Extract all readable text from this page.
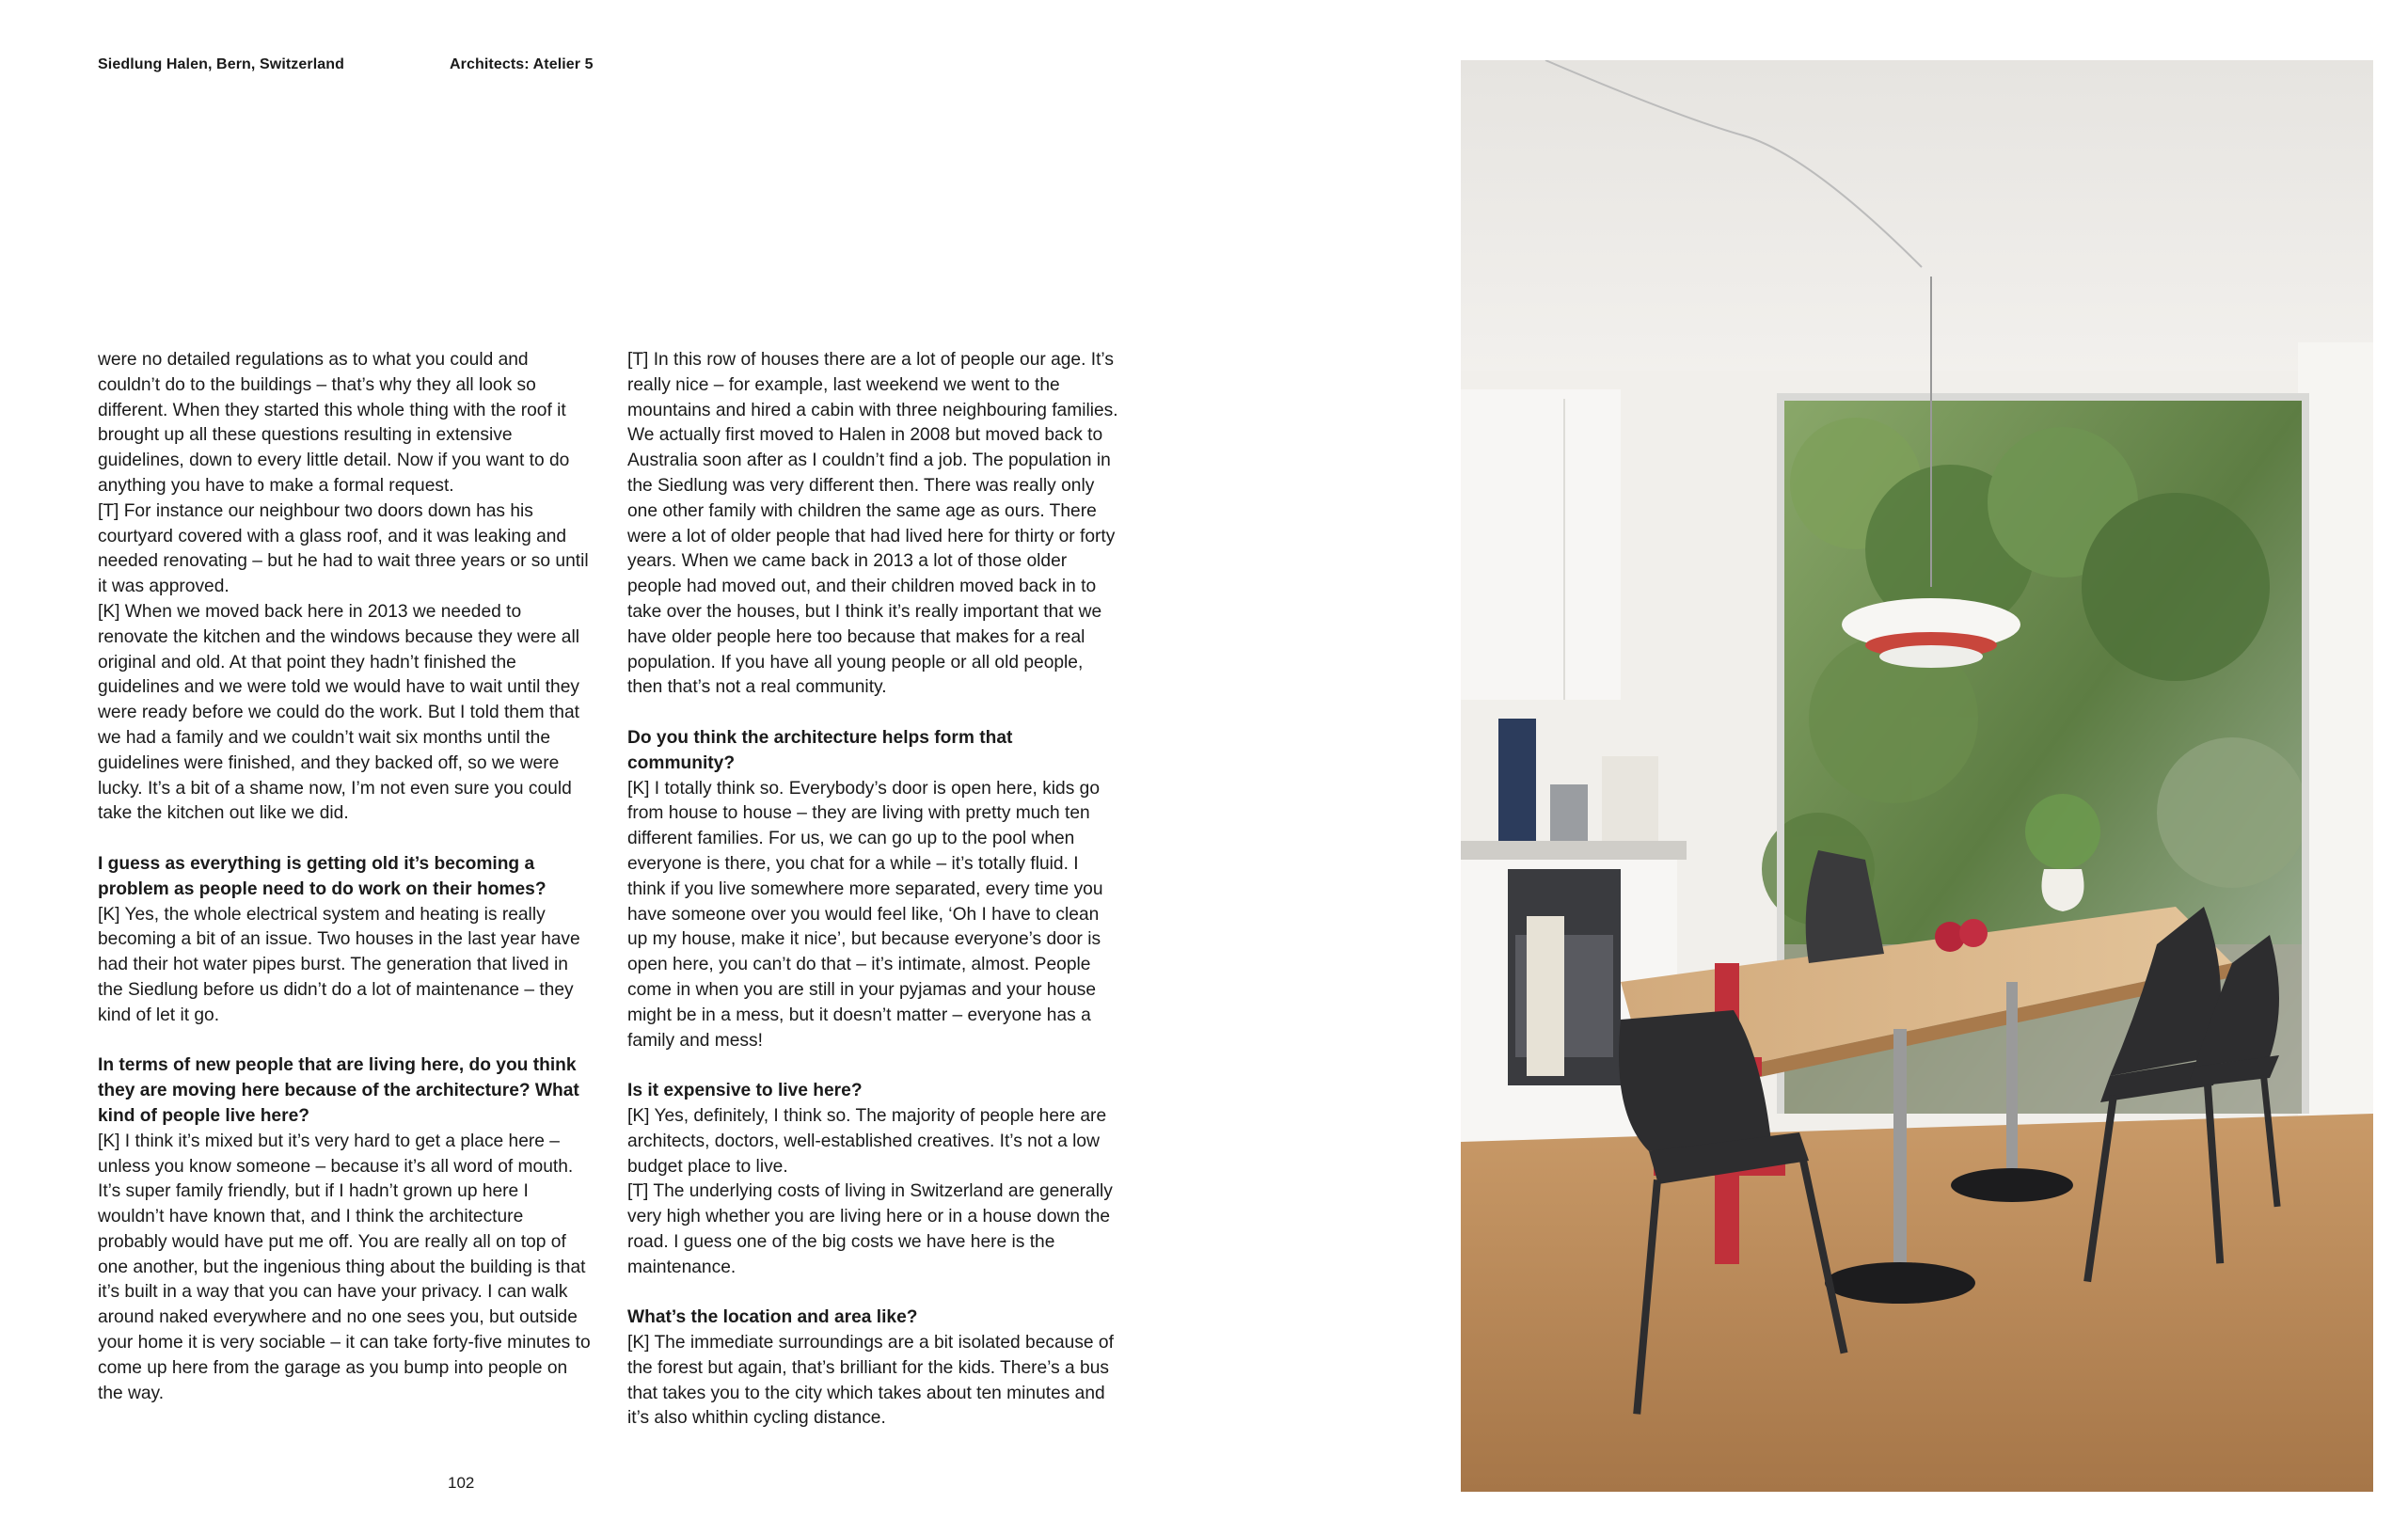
Siedlung Halen, Bern, Switzerland	Architects: Atelier 5

were no detailed regulations as to what you could and couldn’t do to the buildings – that’s why they all look so different. When they started this whole thing with the roof it brought up all these questions resulting in extensive guidelines, down to every little detail. Now if you want to do anything you have to make a formal request.

[T] For instance our neighbour two doors down has his courtyard covered with a glass roof, and it was leaking and needed renovating – but he had to wait three years or so until it was approved.

[K] When we moved back here in 2013 we needed to renovate the kitchen and the windows because they were all original and old. At that point they hadn’t finished the guidelines and we were told we would have to wait until they were ready before we could do the work. But I told them that we had a family and we couldn’t wait six months until the guidelines were finished, and they backed off, so we were lucky. It’s a bit of a shame now, I’m not even sure you could take the kitchen out like we did.

I guess as everything is getting old it’s becoming a problem as people need to do work on their homes?

[K] Yes, the whole electrical system and heating is really becoming a bit of an issue. Two houses in the last year have had their hot water pipes burst. The generation that lived in the Siedlung before us didn’t do a lot of maintenance – they kind of let it go.

In terms of new people that are living here, do you think they are moving here because of the architecture? What kind of people live here?

[K] I think it’s mixed but it’s very hard to get a place here – unless you know someone – because it’s all word of mouth. It’s super family friendly, but if I hadn’t grown up here I wouldn’t have known that, and I think the architecture probably would have put me off. You are really all on top of one another, but the ingenious thing about the building is that it’s built in a way that you can have your privacy. I can walk around naked everywhere and no one sees you, but outside your home it is very sociable – it can take forty-five minutes to come up here from the garage as you bump into people on the way.

[T] In this row of houses there are a lot of people our age. It’s really nice – for example, last weekend we went to the mountains and hired a cabin with three neighbouring families. We actually first moved to Halen in 2008 but moved back to Australia soon after as I couldn’t find a job. The population in the Siedlung was very different then. There was really only one other family with children the same age as ours. There were a lot of older people that had lived here for thirty or forty years. When we came back in 2013 a lot of those older people had moved out, and their children moved back in to take over the houses, but I think it’s really important that we have older people here too because that makes for a real population. If you have all young people or all old people, then that’s not a real community.

Do you think the architecture helps form that community?

[K] I totally think so. Everybody’s door is open here, kids go from house to house – they are living with pretty much ten different families. For us, we can go up to the pool when everyone is there, you chat for a while – it’s totally fluid. I think if you live somewhere more separated, every time you have someone over you would feel like, ‘Oh I have to clean up my house, make it nice’, but because everyone’s door is open here, you can’t do that – it’s intimate, almost. People come in when you are still in your pyjamas and your house might be in a mess, but it doesn’t matter – everyone has a family and mess!

Is it expensive to live here?

[K] Yes, definitely, I think so. The majority of people here are architects, doctors, well-established creatives. It’s not a low budget place to live.

[T] The underlying costs of living in Switzerland are generally very high whether you are living here or in a house down the road. I guess one of the big costs we have here is the maintenance.

What’s the location and area like?

[K] The immediate surroundings are a bit isolated because of the forest but again, that’s brilliant for the kids. There’s a bus that takes you to the city which takes about ten minutes and it’s also whithin cycling distance.

102
